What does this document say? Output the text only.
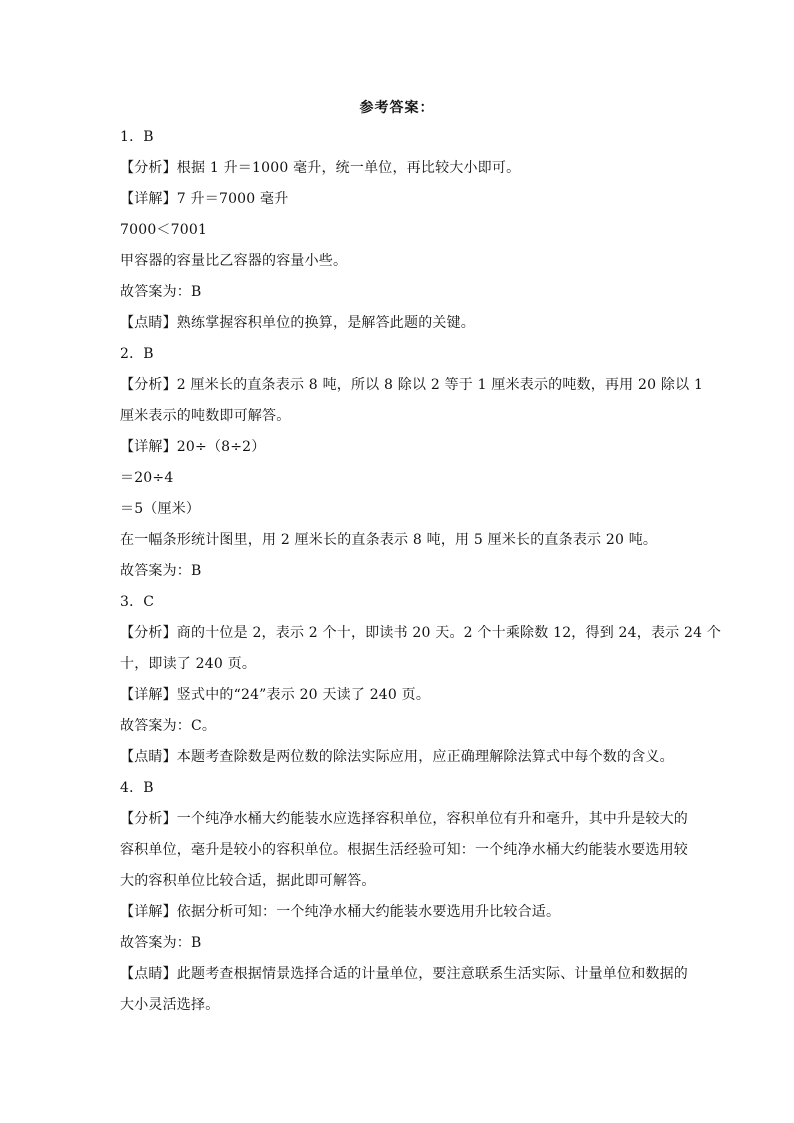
参考答案：
1．B
【分析】根据 1 升＝1000 毫升，统一单位，再比较大小即可。
【详解】7 升＝7000 毫升
7000＜7001
甲容器的容量比乙容器的容量小些。
故答案为：B
【点睛】熟练掌握容积单位的换算，是解答此题的关键。
2．B
【分析】2 厘米长的直条表示 8 吨，所以 8 除以 2 等于 1 厘米表示的吨数，再用 20 除以 1
厘米表示的吨数即可解答。
【详解】20÷（8÷2）
＝20÷4
＝5（厘米）
在一幅条形统计图里，用 2 厘米长的直条表示 8 吨，用 5 厘米长的直条表示 20 吨。
故答案为：B
3．C
【分析】商的十位是 2，表示 2 个十，即读书 20 天。2 个十乘除数 12，得到 24，表示 24 个
十，即读了 240 页。
【详解】竖式中的“24”表示 20 天读了 240 页。
故答案为：C。
【点睛】本题考查除数是两位数的除法实际应用，应正确理解除法算式中每个数的含义。
4．B
【分析】一个纯净水桶大约能装水应选择容积单位，容积单位有升和毫升，其中升是较大的
容积单位，毫升是较小的容积单位。根据生活经验可知：一个纯净水桶大约能装水要选用较
大的容积单位比较合适，据此即可解答。
【详解】依据分析可知：一个纯净水桶大约能装水要选用升比较合适。
故答案为：B
【点睛】此题考查根据情景选择合适的计量单位，要注意联系生活实际、计量单位和数据的
大小灵活选择。
